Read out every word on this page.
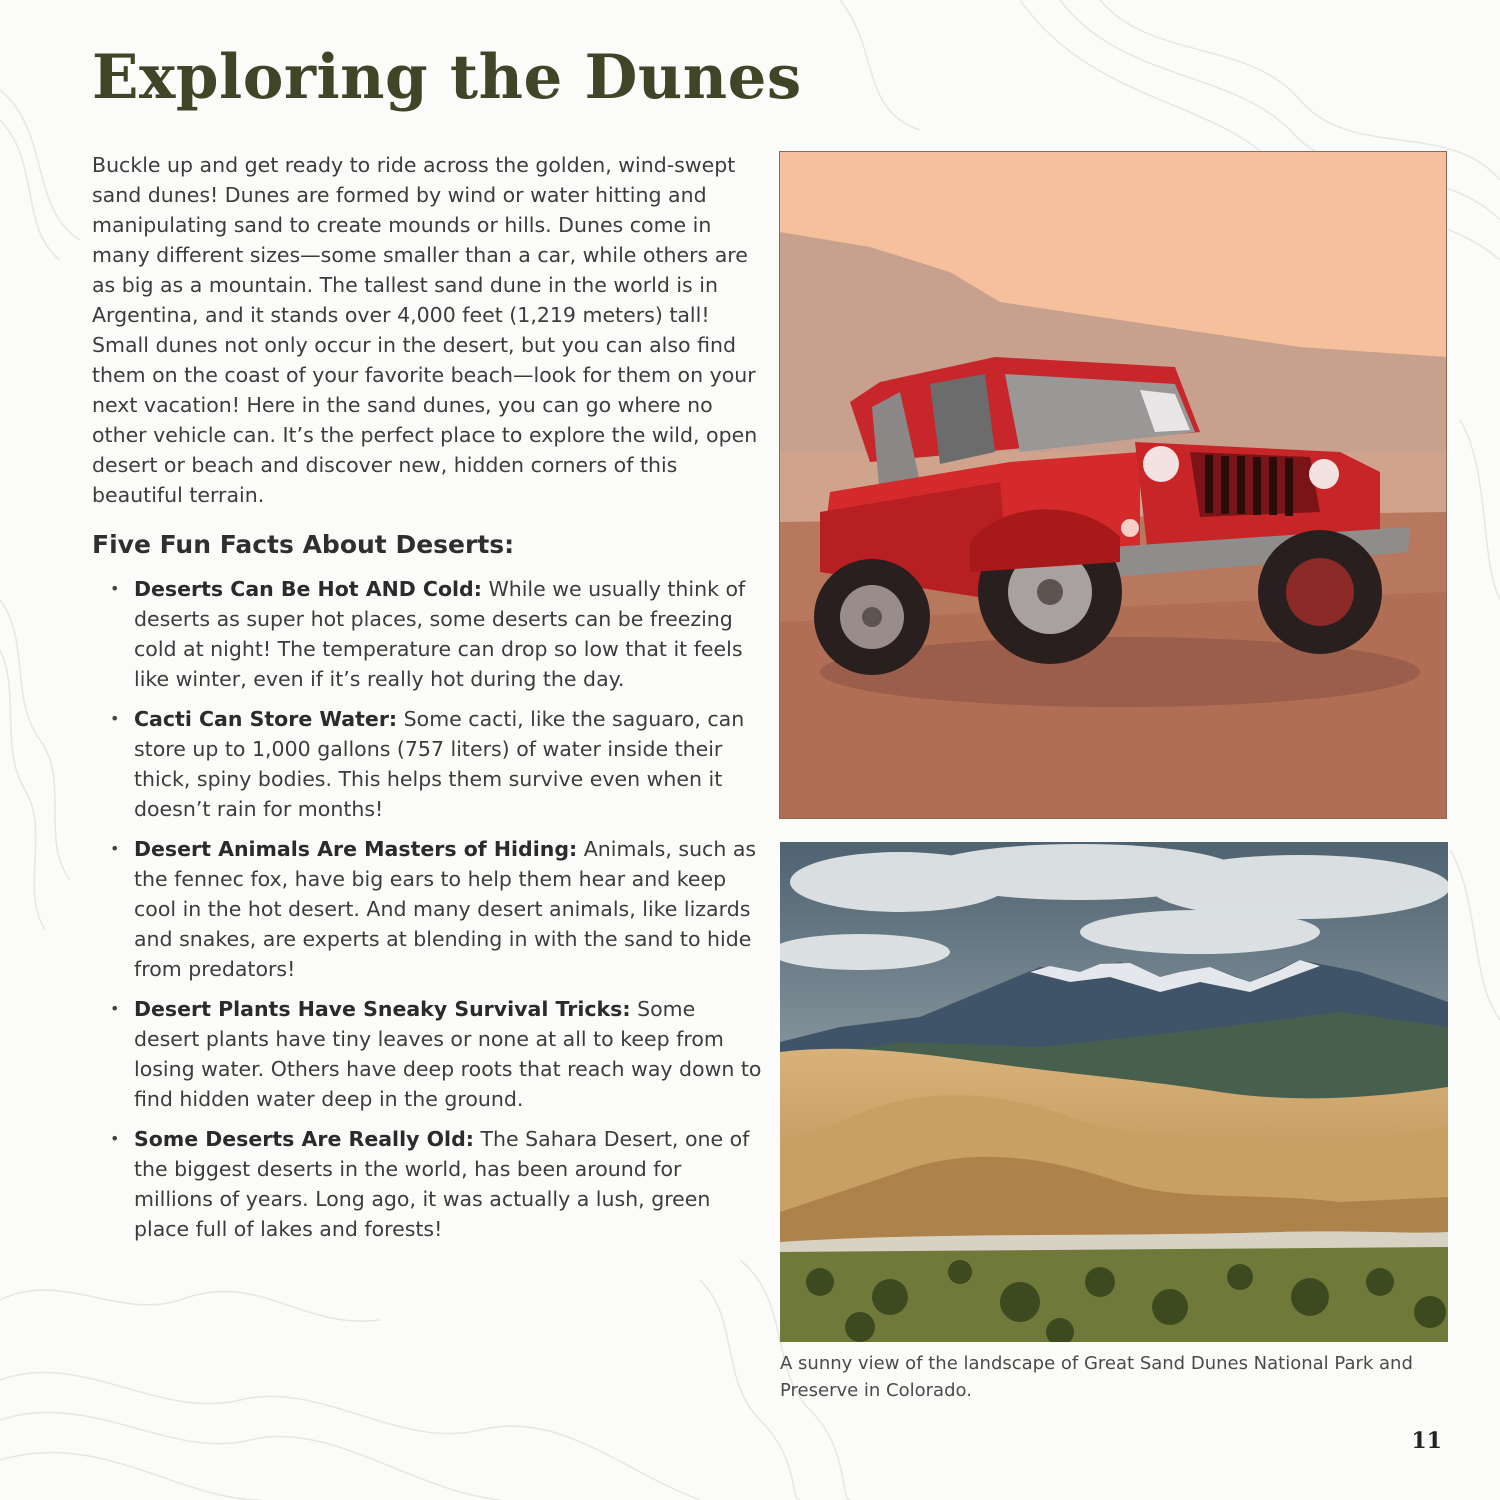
Exploring the Dunes

Buckle up and get ready to ride across the golden, wind-swept sand dunes! Dunes are formed by wind or water hitting and manipulating sand to create mounds or hills. Dunes come in many different sizes—some smaller than a car, while others are as big as a mountain. The tallest sand dune in the world is in Argentina, and it stands over 4,000 feet (1,219 meters) tall! Small dunes not only occur in the desert, but you can also find them on the coast of your favorite beach—look for them on your next vacation! Here in the sand dunes, you can go where no other vehicle can. It’s the perfect place to explore the wild, open desert or beach and discover new, hidden corners of this beautiful terrain.

Five Fun Facts About Deserts:
• Deserts Can Be Hot AND Cold: While we usually think of deserts as super hot places, some deserts can be freezing cold at night! The temperature can drop so low that it feels like winter, even if it’s really hot during the day.
• Cacti Can Store Water: Some cacti, like the saguaro, can store up to 1,000 gallons (757 liters) of water inside their thick, spiny bodies. This helps them survive even when it doesn’t rain for months!
• Desert Animals Are Masters of Hiding: Animals, such as the fennec fox, have big ears to help them hear and keep cool in the hot desert. And many desert animals, like lizards and snakes, are experts at blending in with the sand to hide from predators!
• Desert Plants Have Sneaky Survival Tricks: Some desert plants have tiny leaves or none at all to keep from losing water. Others have deep roots that reach way down to find hidden water deep in the ground.
• Some Deserts Are Really Old: The Sahara Desert, one of the biggest deserts in the world, has been around for millions of years. Long ago, it was actually a lush, green place full of lakes and forests!

A sunny view of the landscape of Great Sand Dunes National Park and Preserve in Colorado.

11
